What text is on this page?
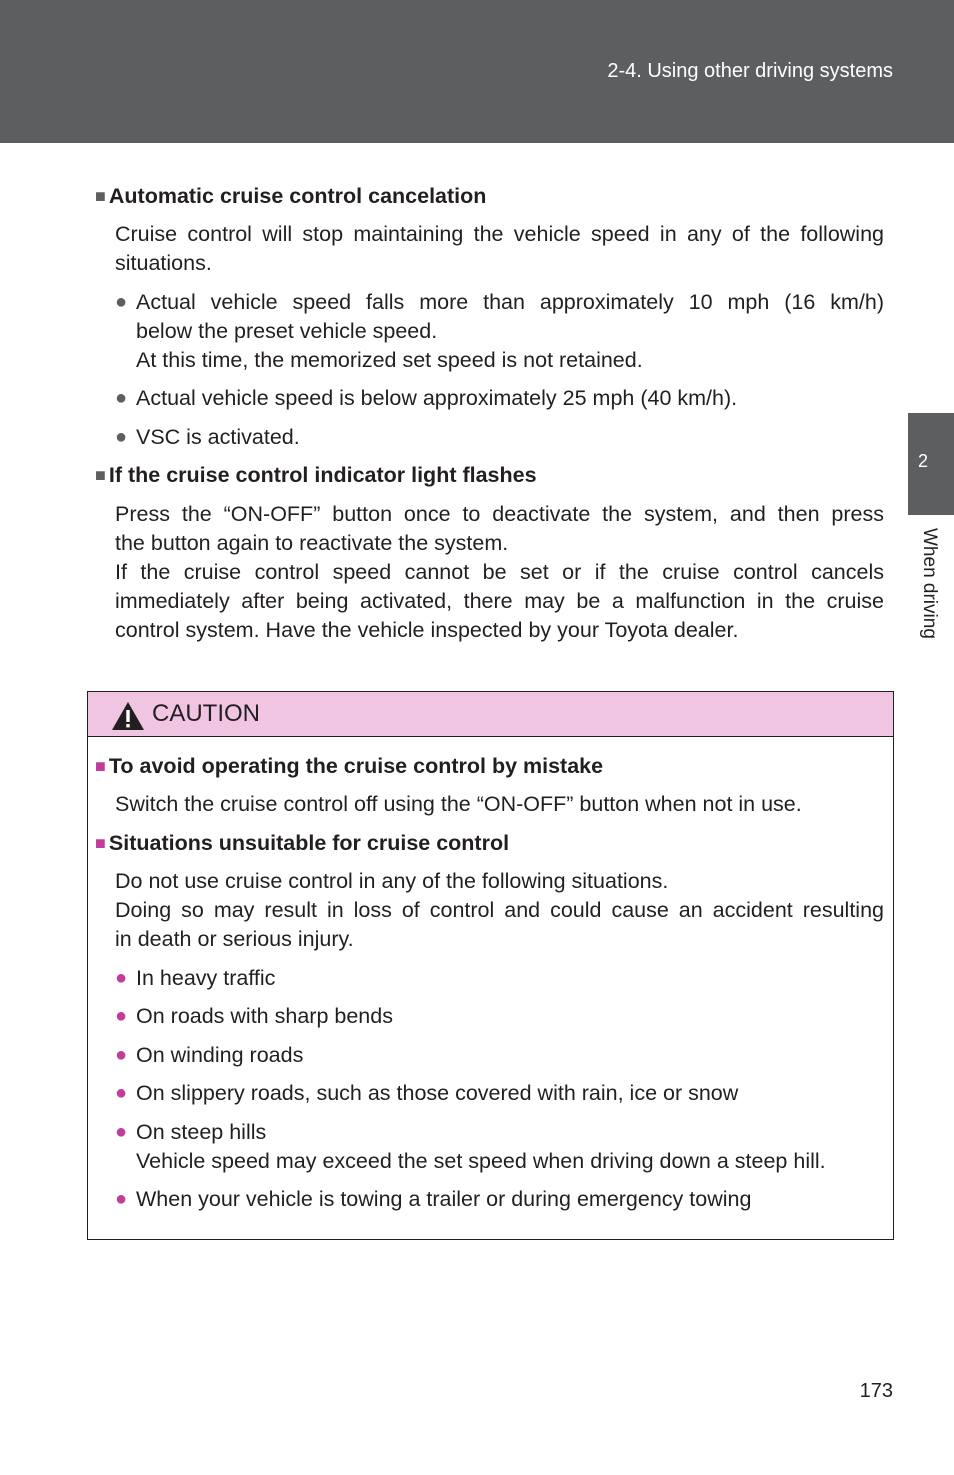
2-4. Using other driving systems
2
When driving
■ Automatic cruise control cancelation
Cruise control will stop maintaining the vehicle speed in any of the following
situations.
● Actual vehicle speed falls more than approximately 10 mph (16 km/h)
below the preset vehicle speed.
At this time, the memorized set speed is not retained.
● Actual vehicle speed is below approximately 25 mph (40 km/h).
● VSC is activated.
■ If the cruise control indicator light flashes
Press the “ON-OFF” button once to deactivate the system, and then press
the button again to reactivate the system.
If the cruise control speed cannot be set or if the cruise control cancels
immediately after being activated, there may be a malfunction in the cruise
control system. Have the vehicle inspected by your Toyota dealer.
CAUTION
■ To avoid operating the cruise control by mistake
Switch the cruise control off using the “ON-OFF” button when not in use.
■ Situations unsuitable for cruise control
Do not use cruise control in any of the following situations.
Doing so may result in loss of control and could cause an accident resulting
in death or serious injury.
● In heavy traffic
● On roads with sharp bends
● On winding roads
● On slippery roads, such as those covered with rain, ice or snow
● On steep hills
Vehicle speed may exceed the set speed when driving down a steep hill.
● When your vehicle is towing a trailer or during emergency towing
173
